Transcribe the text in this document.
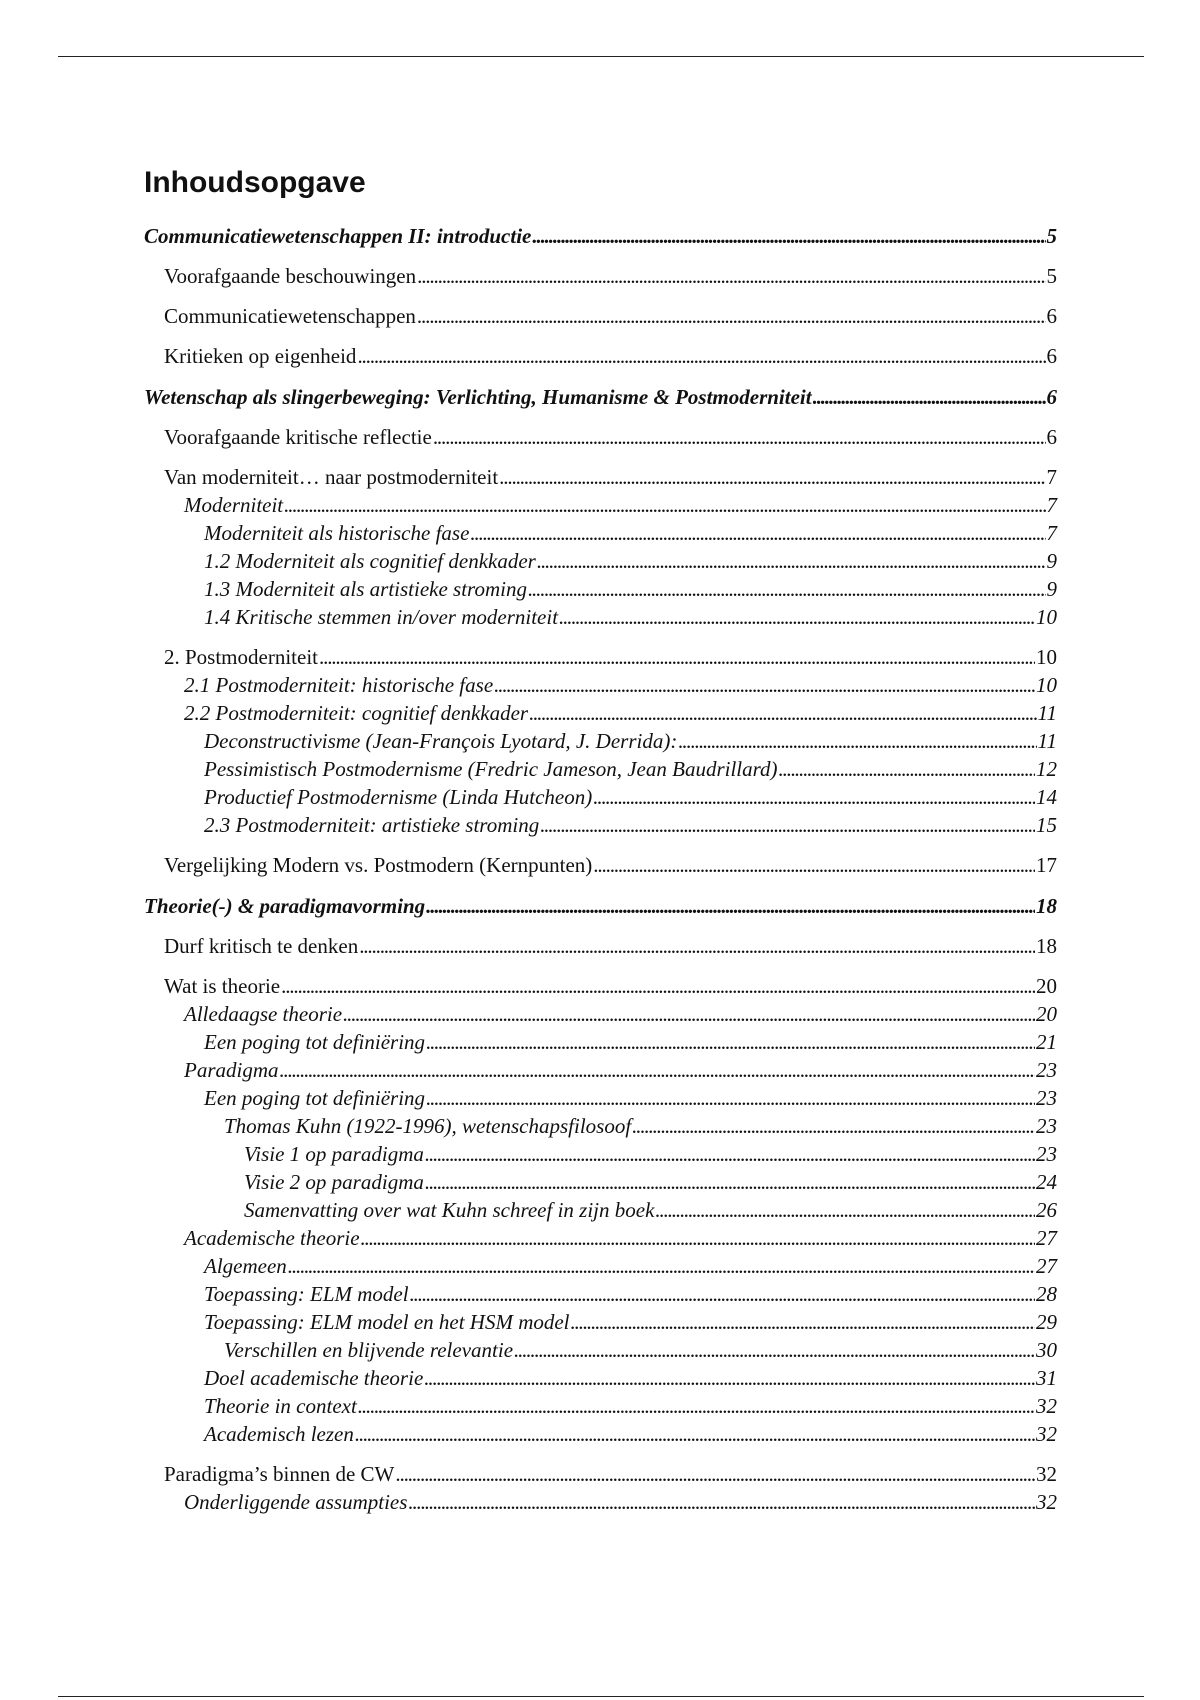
Inhoudsopgave
Communicatiewetenschappen II: introductie . . .	5
Voorafgaande beschouwingen . . .	5
Communicatiewetenschappen . . .	6
Kritieken op eigenheid . . .	6
Wetenschap als slingerbeweging: Verlichting, Humanisme & Postmoderniteit . . .	6
Voorafgaande kritische reflectie . . .	6
Van moderniteit… naar postmoderniteit . . .	7
Moderniteit . . .	7
Moderniteit als historische fase . . .	7
1.2 Moderniteit als cognitief denkkader . . .	9
1.3 Moderniteit als artistieke stroming . . .	9
1.4 Kritische stemmen in/over moderniteit . . .	10
2. Postmoderniteit . . .	10
2.1 Postmoderniteit: historische fase . . .	10
2.2 Postmoderniteit: cognitief denkkader . . .	11
Deconstructivisme (Jean-François Lyotard, J. Derrida): . . .	11
Pessimistisch Postmodernisme (Fredric Jameson, Jean Baudrillard) . . .	12
Productief Postmodernisme (Linda Hutcheon) . . .	14
2.3 Postmoderniteit: artistieke stroming . . .	15
Vergelijking Modern vs. Postmodern (Kernpunten) . . .	17
Theorie(-) & paradigmavorming . . .	18
Durf kritisch te denken . . .	18
Wat is theorie . . .	20
Alledaagse theorie . . .	20
Een poging tot definiëring . . .	21
Paradigma . . .	23
Een poging tot definiëring . . .	23
Thomas Kuhn (1922-1996), wetenschapsfilosoof . . .	23
Visie 1 op paradigma . . .	23
Visie 2 op paradigma . . .	24
Samenvatting over wat Kuhn schreef in zijn boek . . .	26
Academische theorie . . .	27
Algemeen . . .	27
Toepassing: ELM model . . .	28
Toepassing: ELM model en het HSM model . . .	29
Verschillen en blijvende relevantie . . .	30
Doel academische theorie . . .	31
Theorie in context . . .	32
Academisch lezen . . .	32
Paradigma’s binnen de CW . . .	32
Onderliggende assumpties . . .	32
